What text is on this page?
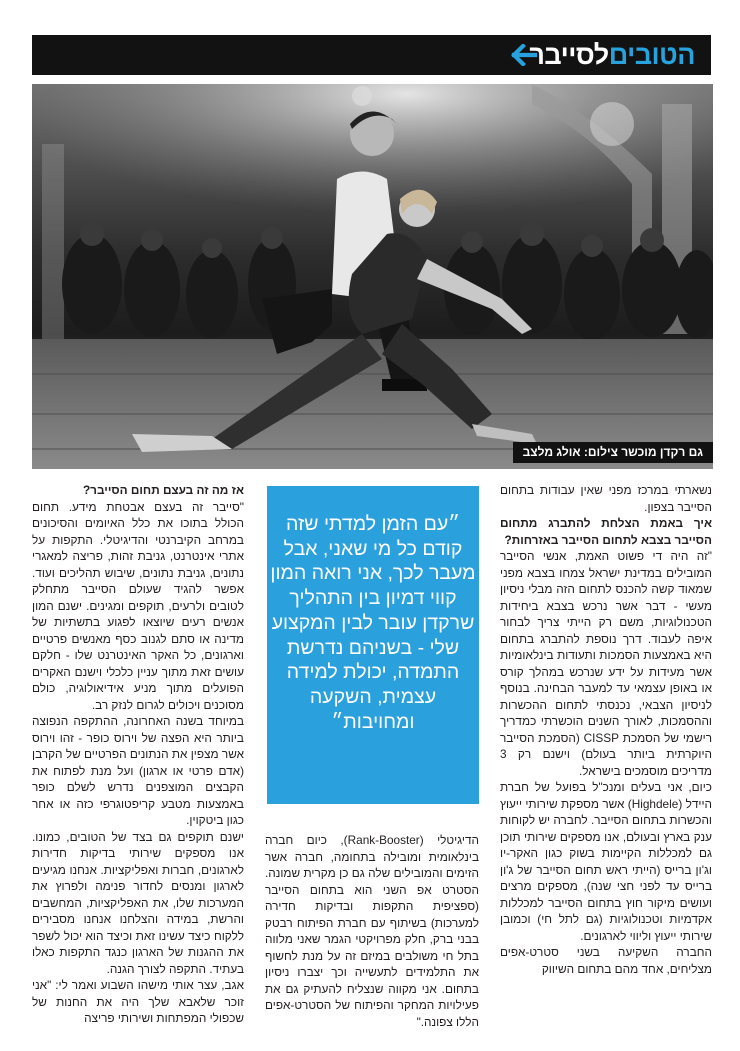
הטוביםלסייבר
גם רקדן מוכשר צילום: אולג מלצב

נשארתי במרכז מפני שאין עבודות בתחום הסייבר בצפון.

איך באמת הצלחת להתברג מתחום הסייבר בצבא לתחום הסייבר באזרחות?

"זה היה די פשוט האמת, אנשי הסייבר המובילים במדינת ישראל צמחו בצבא מפני שמאוד קשה להכנס לתחום הזה מבלי ניסיון מעשי - דבר אשר נרכש בצבא ביחידות הטכנולוגיות, משם רק הייתי צריך לבחור איפה לעבוד. דרך נוספת להתברג בתחום היא באמצעות הסמכות ותעודות בינלאומיות אשר מעידות על ידע שנרכש במהלך קורס או באופן עצמאי עד למעבר הבחינה. בנוסף לניסיון הצבאי, נכנסתי לתחום ההכשרות וההסמכות, לאורך השנים הוכשרתי כמדריך רישמי של הסמכת CISSP (הסמכת הסייבר היוקרתית ביותר בעולם) וישנם רק 3 מדריכים מוסמכים בישראל.

כיום, אני בעלים ומנכ"ל בפועל של חברת היידל (Highdele) אשר מספקת שירותי ייעוץ והכשרות בתחום הסייבר. לחברה יש לקוחות ענק בארץ ובעולם, אנו מספקים שירותי תוכן גם למכללות הקיימות בשוק כגון האקר-יו וג'ון ברייס (הייתי ראש תחום הסייבר של ג'ון ברייס עד לפני חצי שנה), מספקים מרצים ועושים מיקור חוץ בתחום הסייבר למכללות אקדמיות וטכנולוגיות (גם לתל חי) וכמובן שירותי ייעוץ וליווי לארגונים.

החברה השקיעה בשני סטרט-אפים מצליחים, אחד מהם בתחום השיווק

״עם הזמן למדתי שזה קודם כל מי שאני, אבל מעבר לכך, אני רואה המון קווי דמיון בין התהליך שרקדן עובר לבין המקצוע שלי - בשניהם נדרשת התמדה, יכולת למידה עצמית, השקעה ומחויבות״

הדיגיטלי (Rank-Booster), כיום חברה בינלאומית ומובילה בתחומה, חברה אשר הזימים והמובילים שלה גם כן מקרית שמונה. הסטרט אפ השני הוא בתחום הסייבר (ספציפית התקפות ובדיקות חדירה למערכות) בשיתוף עם חברת הפיתוח רבטק בבני ברק, חלק מפרויקטי הגמר שאני מלווה בתל חי משולבים במיזם זה על מנת לחשוף את התלמידים לתעשייה וכך יצברו ניסיון בתחום. אני מקווה שנצליח להעתיק גם את פעילויות המחקר והפיתוח של הסטרט-אפים הללו צפונה."

אז מה זה בעצם תחום הסייבר?

"סייבר זה בעצם אבטחת מידע. תחום הכולל בתוכו את כלל האיומים והסיכונים במרחב הקיברנטי והדיגיטלי. התקפות על אתרי אינטרנט, גניבת זהות, פריצה למאגרי נתונים, גניבת נתונים, שיבוש תהליכים ועוד. אפשר להגיד שעולם הסייבר מתחלק לטובים ולרעים, תוקפים ומגינים. ישנם המון אנשים רעים שיוצאו לפגוע בתשתיות של מדינה או סתם לגנוב כסף מאנשים פרטיים וארגונים, כל האקר האינטרנט שלו - חלקם עושים זאת מתוך עניין כלכלי וישנם האקרים הפועלים מתוך מניע אידיאולוגיה, כולם מסוכנים ויכולים לגרום לנזק רב.

במיוחד בשנה האחרונה, ההתקפה הנפוצה ביותר היא הפצה של וירוס כופר - זהו וירוס אשר מצפין את הנתונים הפרטיים של הקרבן (אדם פרטי או ארגון) ועל מנת לפתוח את הקבצים המוצפנים נדרש לשלם כופר באמצעות מטבע קריפטוגרפי כזה או אחר כגון ביטקוין.

ישנם תוקפים גם בצד של הטובים, כמונו. אנו מספקים שירותי בדיקות חדירות לארגונים, חברות ואפליקציות. אנחנו מגיעים לארגון ומנסים לחדור פנימה ולפרוץ את המערכות שלו, את האפליקציות, המחשבים והרשת, במידה והצלחנו אנחנו מסבירים ללקוח כיצד עשינו זאת וכיצד הוא יכול לשפר את ההגנות של הארגון כנגד התקפות כאלו בעתיד. התקפה לצורך הגנה.

אגב, עצר אותי מישהו השבוע ואמר לי: "אני זוכר שלאבא שלך היה את החנות של שכפולי המפתחות ושירותי פריצה
